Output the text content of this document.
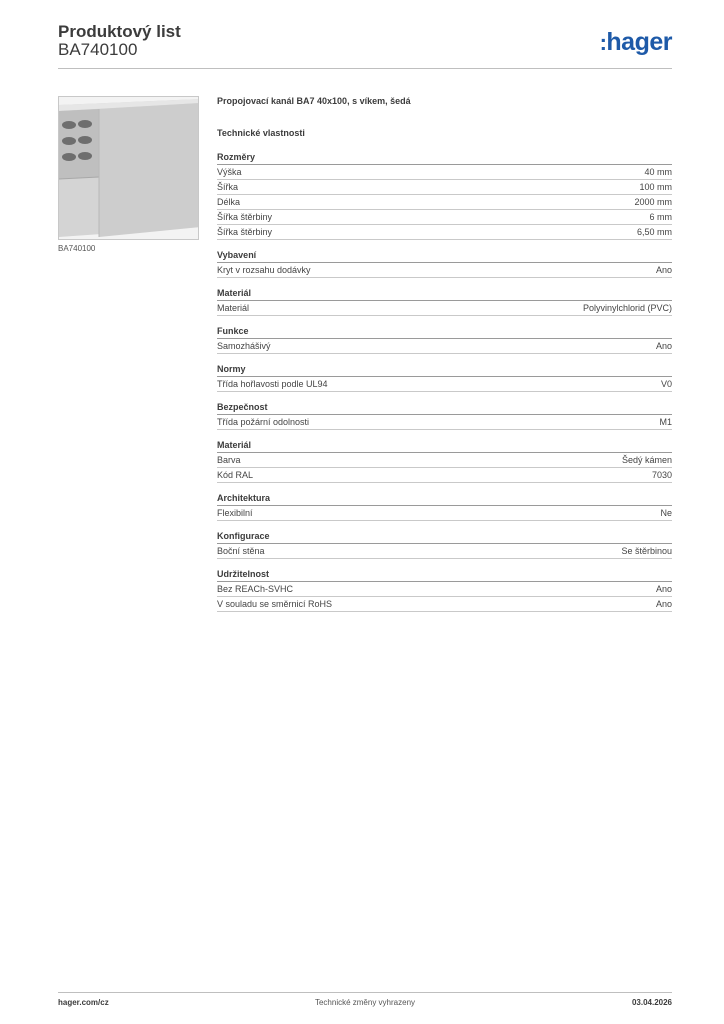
Produktový list
BA740100	:hager
BA740100
Propojovací kanál BA7 40x100, s víkem, šedá
Technické vlastnosti
Rozměry
Výška	40 mm
Šířka	100 mm
Délka	2000 mm
Šířka štěrbiny	6 mm
Šířka štěrbiny	6,50 mm
Vybavení
Kryt v rozsahu dodávky	Ano
Materiál
Materiál	Polyvinylchlorid (PVC)
Funkce
Samozhášivý	Ano
Normy
Třída hořlavosti podle UL94	V0
Bezpečnost
Třída požární odolnosti	M1
Materiál
Barva	Šedý kámen
Kód RAL	7030
Architektura
Flexibilní	Ne
Konfigurace
Boční stěna	Se štěrbinou
Udržitelnost
Bez REACh-SVHC	Ano
V souladu se směrnicí RoHS	Ano
hager.com/cz	Technické změny vyhrazeny	03.04.2026
